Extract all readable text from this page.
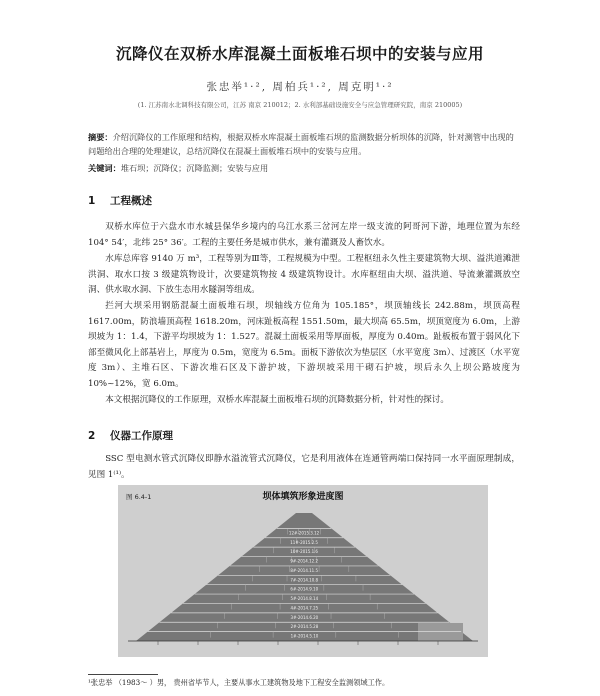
沉降仪在双桥水库混凝土面板堆石坝中的安装与应用
张忠举¹·², 周柏兵¹·², 周克明¹·²
(1. 江苏南水北调科技有限公司，江苏 南京 210012；2. 水利部基础设施安全与应急管理研究院，南京 210005)
摘要：介绍沉降仪的工作原理和结构，根据双桥水库混凝土面板堆石坝的监测数据分析坝体的沉降，针对测管中出现的问题给出合理的处理建议，总结沉降仪在混凝土面板堆石坝中的安装与应用。
关键词：堆石坝；沉降仪；沉降监测；安装与应用
1 工程概述
双桥水库位于六盘水市水城县保华乡境内的乌江水系三岔河左岸一级支流的阿哥河下游，地理位置为东经 104° 54′，北纬 25° 36′。工程的主要任务是城市供水，兼有灌溉及人畜饮水。
水库总库容 9140 万 m³，工程等别为Ⅲ等，工程规模为中型。工程枢纽永久性主要建筑物大坝、溢洪道滩泄洪洞、取水口按 3 级建筑物设计，次要建筑物按 4 级建筑物设计。水库枢纽由大坝、溢洪道、导流兼灌溉放空洞、供水取水洞、下放生态用水隧洞等组成。
拦河大坝采用钢筋混凝土面板堆石坝，坝轴线方位角为 105.185°，坝顶轴线长 242.88m，坝顶高程 1617.00m，防浪墙顶高程 1618.20m，河床趾板高程 1551.50m，最大坝高 65.5m，坝顶宽度为 6.0m，上游坝坡为 1：1.4，下游平均坝坡为 1：1.527。混凝土面板采用等厚面板，厚度为 0.40m。趾板板布置于弱风化下部至微风化上部基岩上，厚度为 0.5m，宽度为 6.5m。面板下游依次为垫层区（水平宽度 3m）、过渡区（水平宽度 3m）、主堆石区、下游次堆石区及下游护坡，下游坝坡采用干砌石护坡，坝后永久上坝公路坡度为 10%~12%，宽 6.0m。
本文根据沉降仪的工作原理，双桥水库混凝土面板堆石坝的沉降数据分析，针对性的探讨。
2 仪器工作原理
SSC 型电测水管式沉降仪即静水溢流管式沉降仪，它是利用液体在连通管两端口保持同一水平面原理制成，见图 1⁽¹⁾。
图 6.4-1	坝体填筑形象进度图
1#-2014.5.10
2#-2014.5.28
3#-2014.6.20
4#-2014.7.25
5#-2014.8.14
6#-2014.9.10
7#-2014.10.8
8#-2014.11.5
9#-2014.12.2
10#-2015.1.6
11#-2015.2.5
12#-2015.3.12
¹张忠举 （1983～ ）男， 贵州省毕节人，主要从事水工建筑物及地下工程安全监测领域工作。
